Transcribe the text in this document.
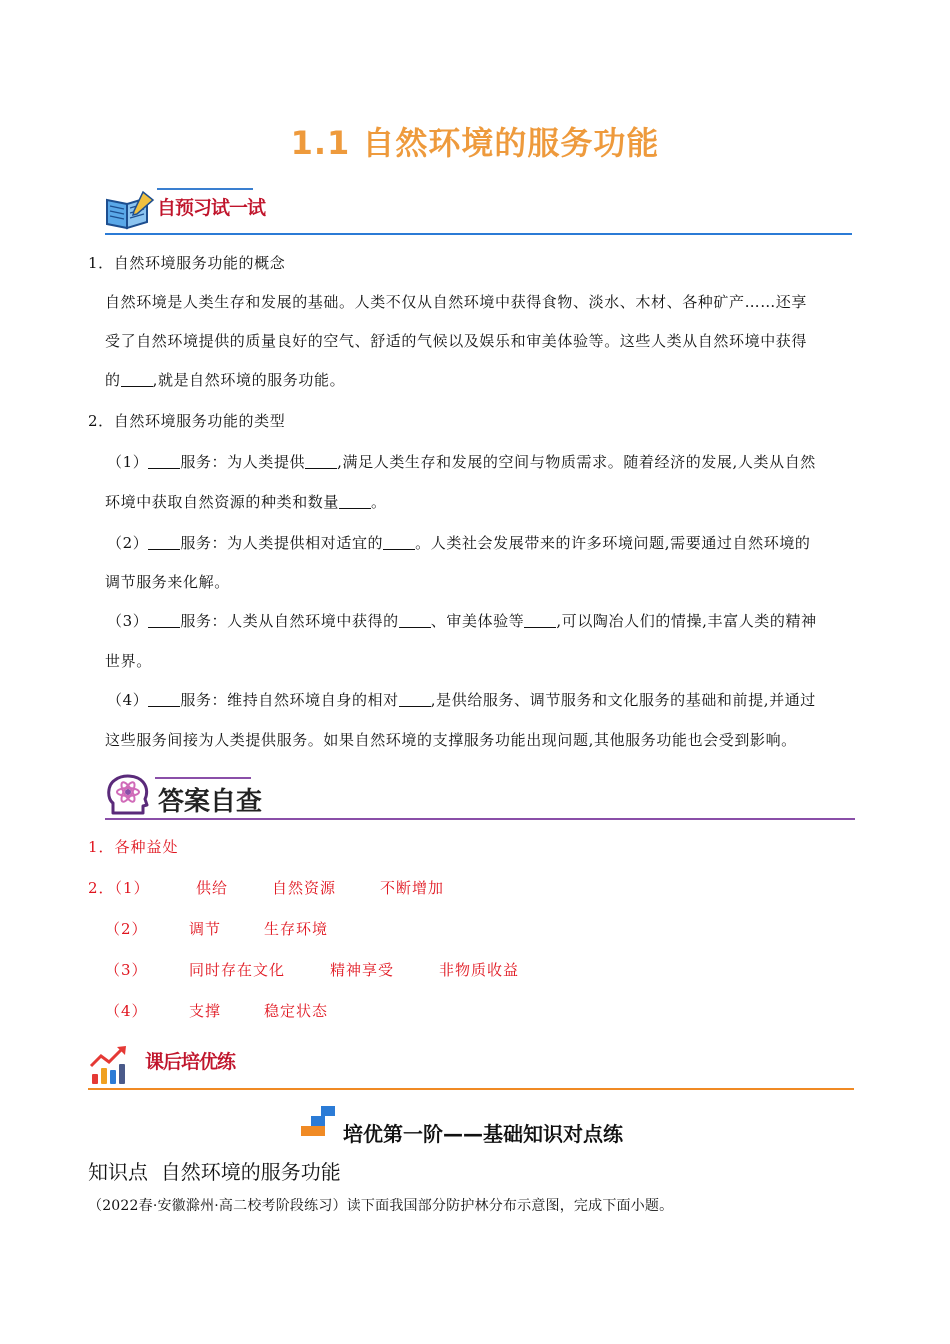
1.1 自然环境的服务功能
自预习试一试
1．自然环境服务功能的概念
自然环境是人类生存和发展的基础。人类不仅从自然环境中获得食物、淡水、木材、各种矿产……还享
受了自然环境提供的质量良好的空气、舒适的气候以及娱乐和审美体验等。这些人类从自然环境中获得
的 ,就是自然环境的服务功能。
2．自然环境服务功能的类型
（1） 服务：为人类提供 ,满足人类生存和发展的空间与物质需求。随着经济的发展,人类从自然
环境中获取自然资源的种类和数量 。
（2） 服务：为人类提供相对适宜的 。人类社会发展带来的许多环境问题,需要通过自然环境的
调节服务来化解。
（3） 服务：人类从自然环境中获得的 、审美体验等 ,可以陶冶人们的情操,丰富人类的精神
世界。
（4） 服务：维持自然环境自身的相对 ,是供给服务、调节服务和文化服务的基础和前提,并通过
这些服务间接为人类提供服务。如果自然环境的支撑服务功能出现问题,其他服务功能也会受到影响。
答案自查
1．各种益处
2．（1）	供给	自然资源	不断增加
（2）	调节	生存环境
（3）	同时存在文化	精神享受	非物质收益
（4）	支撑	稳定状态
课后培优练
培优第一阶——基础知识对点练
知识点  自然环境的服务功能
（2022春·安徽滁州·高二校考阶段练习）读下面我国部分防护林分布示意图，完成下面小题。
